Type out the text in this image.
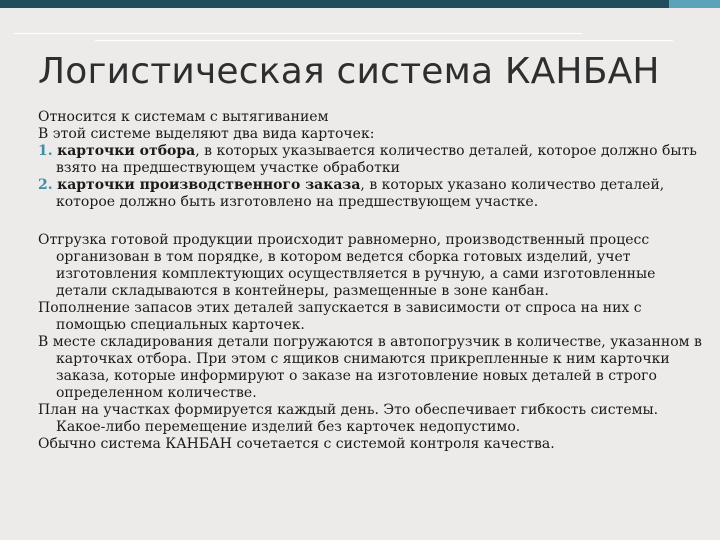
Логистическая система КАНБАН

Относится к системам с вытягиванием

В этой системе выделяют два вида карточек:

1. карточки отбора, в которых указывается количество деталей, которое должно быть взято на предшествующем участке обработки

2. карточки производственного заказа, в которых указано количество деталей, которое должно быть изготовлено на предшествующем участке.

Отгрузка готовой продукции происходит равномерно, производственный процесс организован в том порядке, в котором ведется сборка готовых изделий, учет изготовления комплектующих осуществляется в ручную, а сами изготовленные детали складываются в контейнеры, размещенные в зоне канбан.

Пополнение запасов этих деталей запускается в зависимости от спроса на них с помощью специальных карточек.

В месте складирования детали погружаются в автопогрузчик в количестве, указанном в карточках отбора. При этом с ящиков снимаются прикрепленные к ним карточки заказа, которые информируют о заказе на изготовление новых деталей в строго определенном количестве.

План на участках формируется каждый день. Это обеспечивает гибкость системы. Какое-либо перемещение изделий без карточек недопустимо.

Обычно система КАНБАН сочетается с системой контроля качества.
